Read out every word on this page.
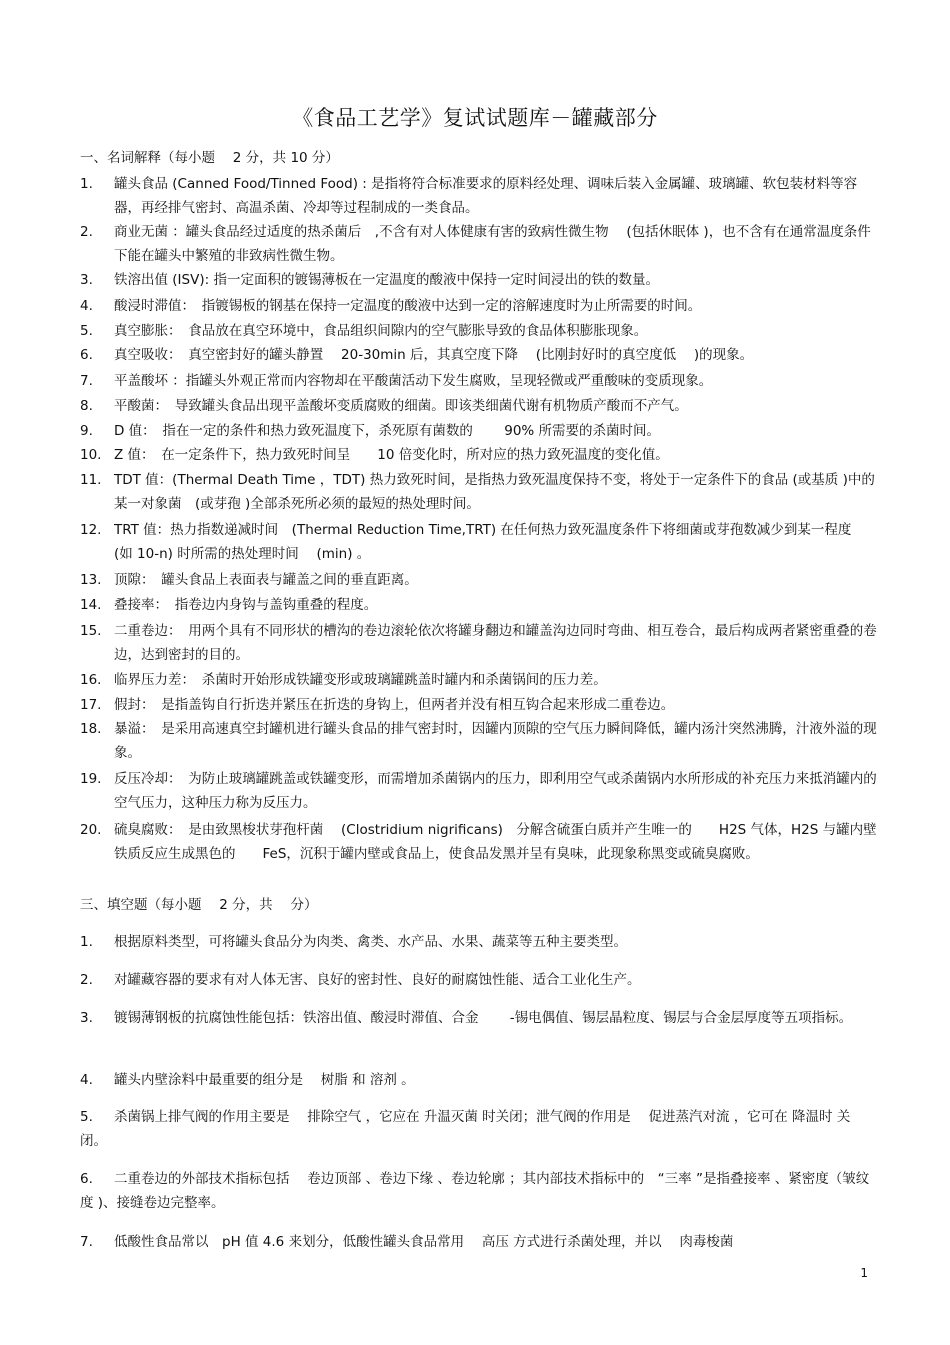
《食品工艺学》复试试题库－罐藏部分
一、名词解释（每小题　 2 分，共 10 分）
1.	罐头食品 (Canned Food/Tinned Food) : 是指将符合标准要求的原料经处理、调味后装入金属罐、玻璃罐、软包装材料等容器，再经排气密封、高温杀菌、冷却等过程制成的一类食品。
2.	商业无菌 ：罐头食品经过适度的热杀菌后　,不含有对人体健康有害的致病性微生物　 (包括休眠体 )，也不含有在通常温度条件下能在罐头中繁殖的非致病性微生物。
3.	铁溶出值 (ISV): 指一定面积的镀锡薄板在一定温度的酸液中保持一定时间浸出的铁的数量。
4.	酸浸时滞值：　指镀锡板的钢基在保持一定温度的酸液中达到一定的溶解速度时为止所需要的时间。
5.	真空膨胀：　食品放在真空环境中，食品组织间隙内的空气膨胀导致的食品体积膨胀现象。
6.	真空吸收：　真空密封好的罐头静置　 20-30min 后，其真空度下降　 (比刚封好时的真空度低　 )的现象。
7.	平盖酸坏 ：指罐头外观正常而内容物却在平酸菌活动下发生腐败，呈现轻微或严重酸味的变质现象。
8.	平酸菌：　导致罐头食品出现平盖酸坏变质腐败的细菌。即该类细菌代谢有机物质产酸而不产气。
9.	D 值：　指在一定的条件和热力致死温度下，杀死原有菌数的　　 90% 所需要的杀菌时间。
10. Z 值：　在一定条件下，热力致死时间呈　　10 倍变化时，所对应的热力致死温度的变化值。
11. TDT 值：(Thermal Death Time ，TDT) 热力致死时间，是指热力致死温度保持不变，将处于一定条件下的食品 (或基质 )中的某一对象菌　(或芽孢 )全部杀死所必须的最短的热处理时间。
12. TRT 值：热力指数递减时间　(Thermal Reduction Time,TRT) 在任何热力致死温度条件下将细菌或芽孢数减少到某一程度　(如 10-n) 时所需的热处理时间　 (min) 。
13. 顶隙：　罐头食品上表面表与罐盖之间的垂直距离。
14. 叠接率：　指卷边内身钩与盖钩重叠的程度。
15. 二重卷边：　用两个具有不同形状的槽沟的卷边滚轮依次将罐身翻边和罐盖沟边同时弯曲、相互卷合，最后构成两者紧密重叠的卷边，达到密封的目的。
16. 临界压力差：　杀菌时开始形成铁罐变形或玻璃罐跳盖时罐内和杀菌锅间的压力差。
17. 假封：　是指盖钩自行折迭并紧压在折迭的身钩上，但两者并没有相互钩合起来形成二重卷边。
18. 暴溢：　是采用高速真空封罐机进行罐头食品的排气密封时，因罐内顶隙的空气压力瞬间降低，罐内汤汁突然沸腾，汁液外溢的现象。
19. 反压冷却：　为防止玻璃罐跳盖或铁罐变形，而需增加杀菌锅内的压力，即利用空气或杀菌锅内水所形成的补充压力来抵消罐内的空气压力，这种压力称为反压力。
20. 硫臭腐败：　是由致黑梭状芽孢杆菌　 (Clostridium nigrificans)　分解含硫蛋白质并产生唯一的　　H2S 气体，H2S 与罐内壁铁质反应生成黑色的　　FeS，沉积于罐内壁或食品上，使食品发黑并呈有臭味，此现象称黑变或硫臭腐败。
三、填空题（每小题　 2 分，共　 分）
1. 根据原料类型，可将罐头食品分为肉类、禽类、水产品、水果、蔬菜等五种主要类型。
2. 对罐藏容器的要求有对人体无害、良好的密封性、良好的耐腐蚀性能、适合工业化生产。
3. 镀锡薄钢板的抗腐蚀性能包括：铁溶出值、酸浸时滞值、合金　　 -锡电偶值、锡层晶粒度、锡层与合金层厚度等五项指标。
4. 罐头内壁涂料中最重要的组分是　 树脂 和 溶剂 。
5. 杀菌锅上排气阀的作用主要是　 排除空气 ，它应在 升温灭菌 时关闭；泄气阀的作用是　 促进蒸汽对流 ，它可在 降温时 关闭。
6. 二重卷边的外部技术指标包括　 卷边顶部 、卷边下缘 、卷边轮廓 ；其内部技术指标中的　“三率 ”是指叠接率 、紧密度（皱纹度 )、接缝卷边完整率。
7. 低酸性食品常以　pH 值 4.6 来划分，低酸性罐头食品常用　 高压 方式进行杀菌处理，并以　 肉毒梭菌
1
